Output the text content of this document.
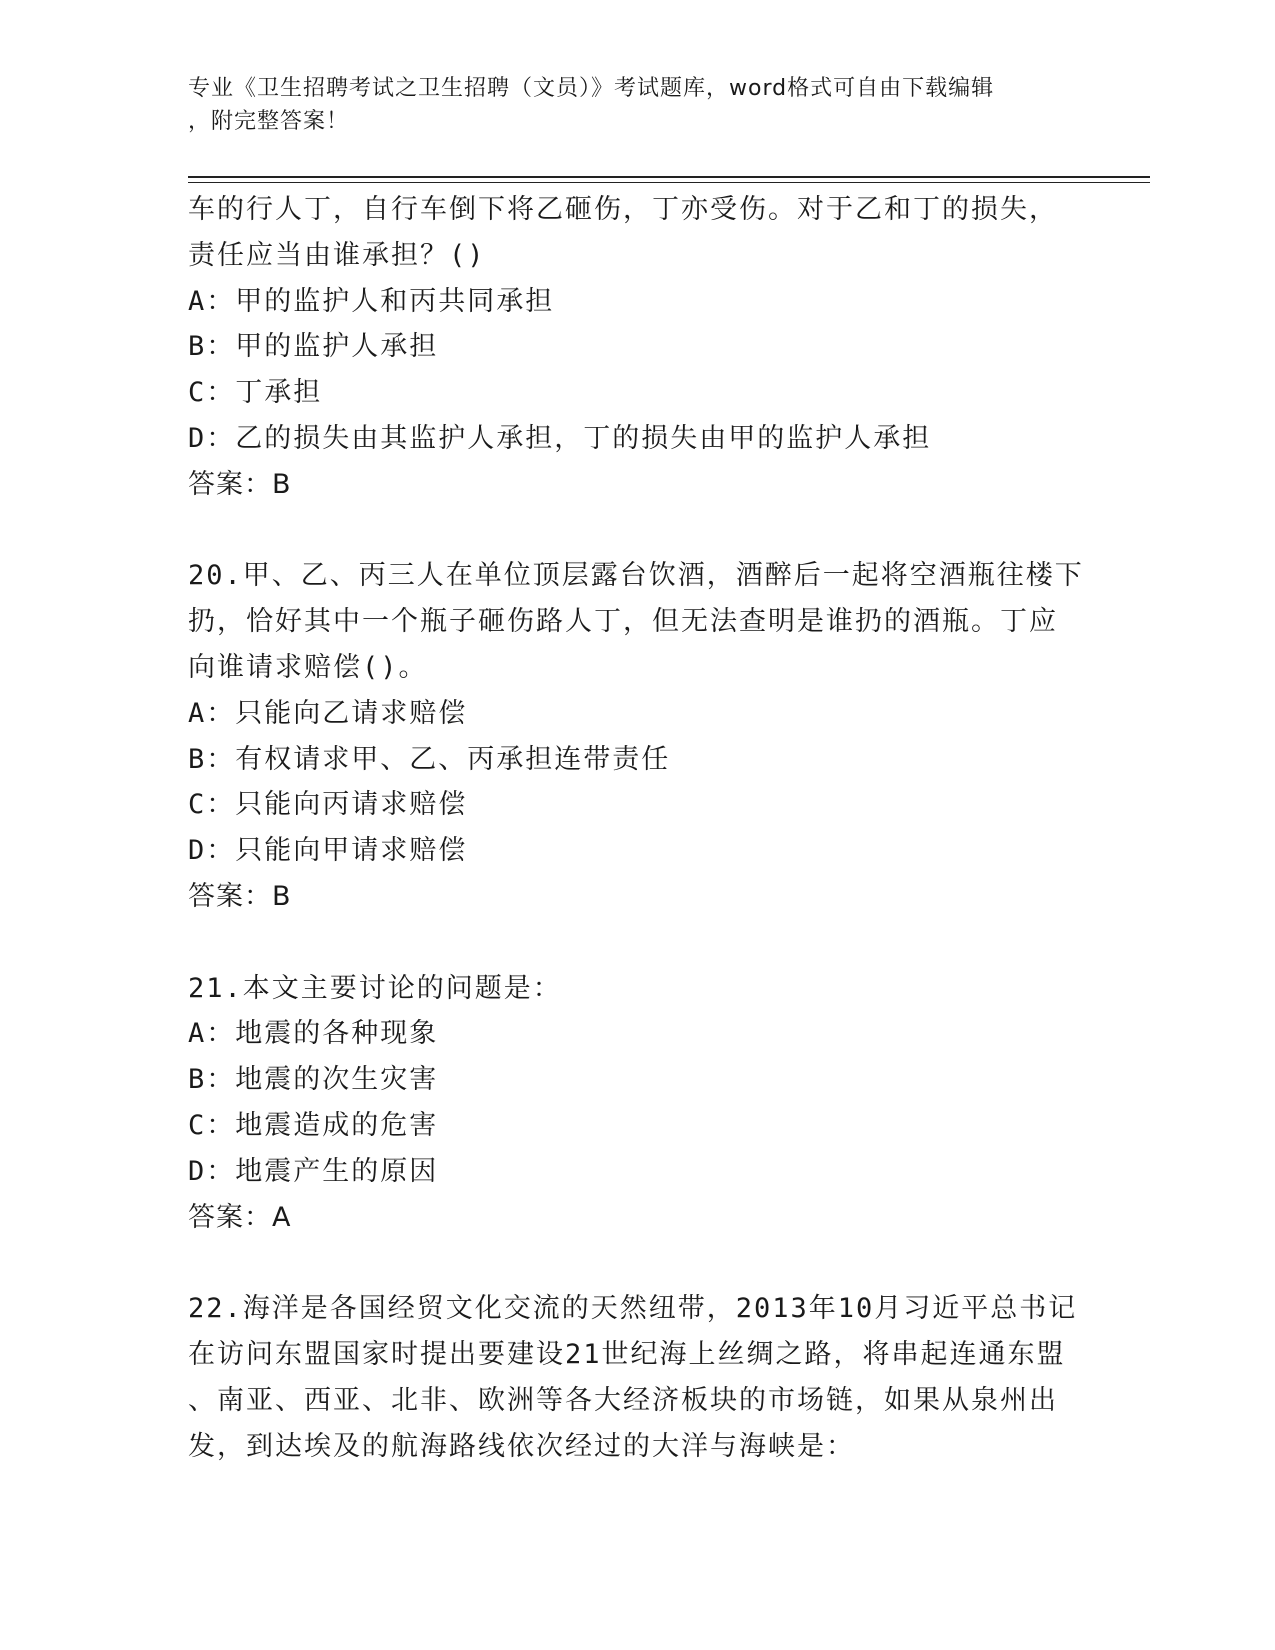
专业《卫生招聘考试之卫生招聘（文员）》考试题库，word格式可自由下载编辑
，附完整答案！
车的行人丁，自行车倒下将乙砸伤，丁亦受伤。对于乙和丁的损失，
责任应当由谁承担？()
A：甲的监护人和丙共同承担
B：甲的监护人承担
C：丁承担
D：乙的损失由其监护人承担，丁的损失由甲的监护人承担
答案：B
20.甲、乙、丙三人在单位顶层露台饮酒，酒醉后一起将空酒瓶往楼下
扔，恰好其中一个瓶子砸伤路人丁，但无法查明是谁扔的酒瓶。丁应
向谁请求赔偿()。
A：只能向乙请求赔偿
B：有权请求甲、乙、丙承担连带责任
C：只能向丙请求赔偿
D：只能向甲请求赔偿
答案：B
21.本文主要讨论的问题是：
A：地震的各种现象
B：地震的次生灾害
C：地震造成的危害
D：地震产生的原因
答案：A
22.海洋是各国经贸文化交流的天然纽带，2013年10月习近平总书记
在访问东盟国家时提出要建设21世纪海上丝绸之路，将串起连通东盟
、南亚、西亚、北非、欧洲等各大经济板块的市场链，如果从泉州出
发，到达埃及的航海路线依次经过的大洋与海峡是：
